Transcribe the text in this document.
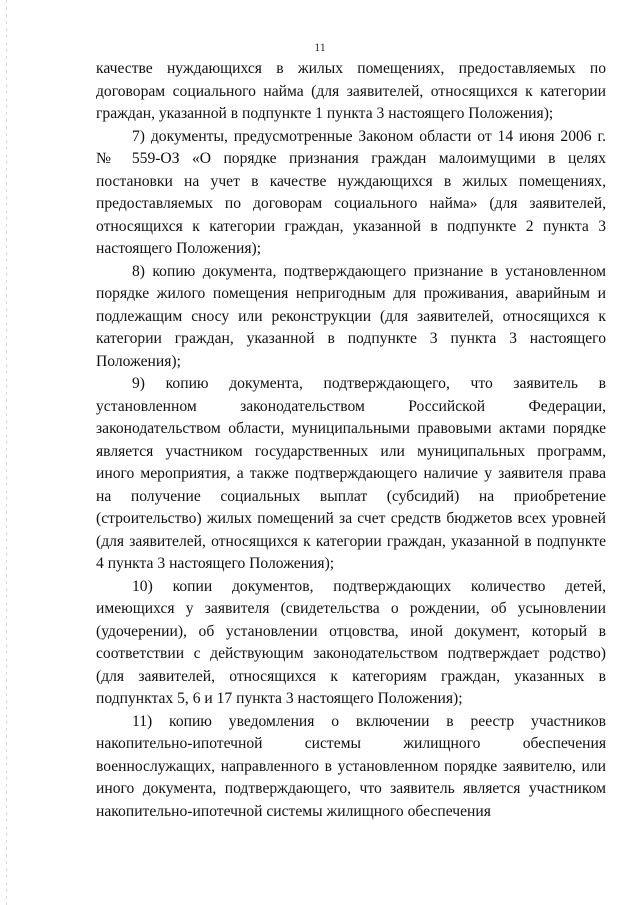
11

качестве нуждающихся в жилых помещениях, предоставляемых по договорам социального найма (для заявителей, относящихся к категории граждан, указанной в подпункте 1 пункта 3 настоящего Положения);

7) документы, предусмотренные Законом области от 14 июня 2006 г. № 559-ОЗ «О порядке признания граждан малоимущими в целях постановки на учет в качестве нуждающихся в жилых помещениях, предоставляемых по договорам социального найма» (для заявителей, относящихся к категории граждан, указанной в подпункте 2 пункта 3 настоящего Положения);

8) копию документа, подтверждающего признание в установленном порядке жилого помещения непригодным для проживания, аварийным и подлежащим сносу или реконструкции (для заявителей, относящихся к категории граждан, указанной в подпункте 3 пункта 3 настоящего Положения);

9) копию документа, подтверждающего, что заявитель в установленном законодательством Российской Федерации, законодательством области, муниципальными правовыми актами порядке является участником государственных или муниципальных программ, иного мероприятия, а также подтверждающего наличие у заявителя права на получение социальных выплат (субсидий) на приобретение (строительство) жилых помещений за счет средств бюджетов всех уровней (для заявителей, относящихся к категории граждан, указанной в подпункте 4 пункта 3 настоящего Положения);

10) копии документов, подтверждающих количество детей, имеющихся у заявителя (свидетельства о рождении, об усыновлении (удочерении), об установлении отцовства, иной документ, который в соответствии с действующим законодательством подтверждает родство) (для заявителей, относящихся к категориям граждан, указанных в подпунктах 5, 6 и 17 пункта 3 настоящего Положения);

11) копию уведомления о включении в реестр участников накопительно-ипотечной системы жилищного обеспечения военнослужащих, направленного в установленном порядке заявителю, или иного документа, подтверждающего, что заявитель является участником накопительно-ипотечной системы жилищного обеспечения
